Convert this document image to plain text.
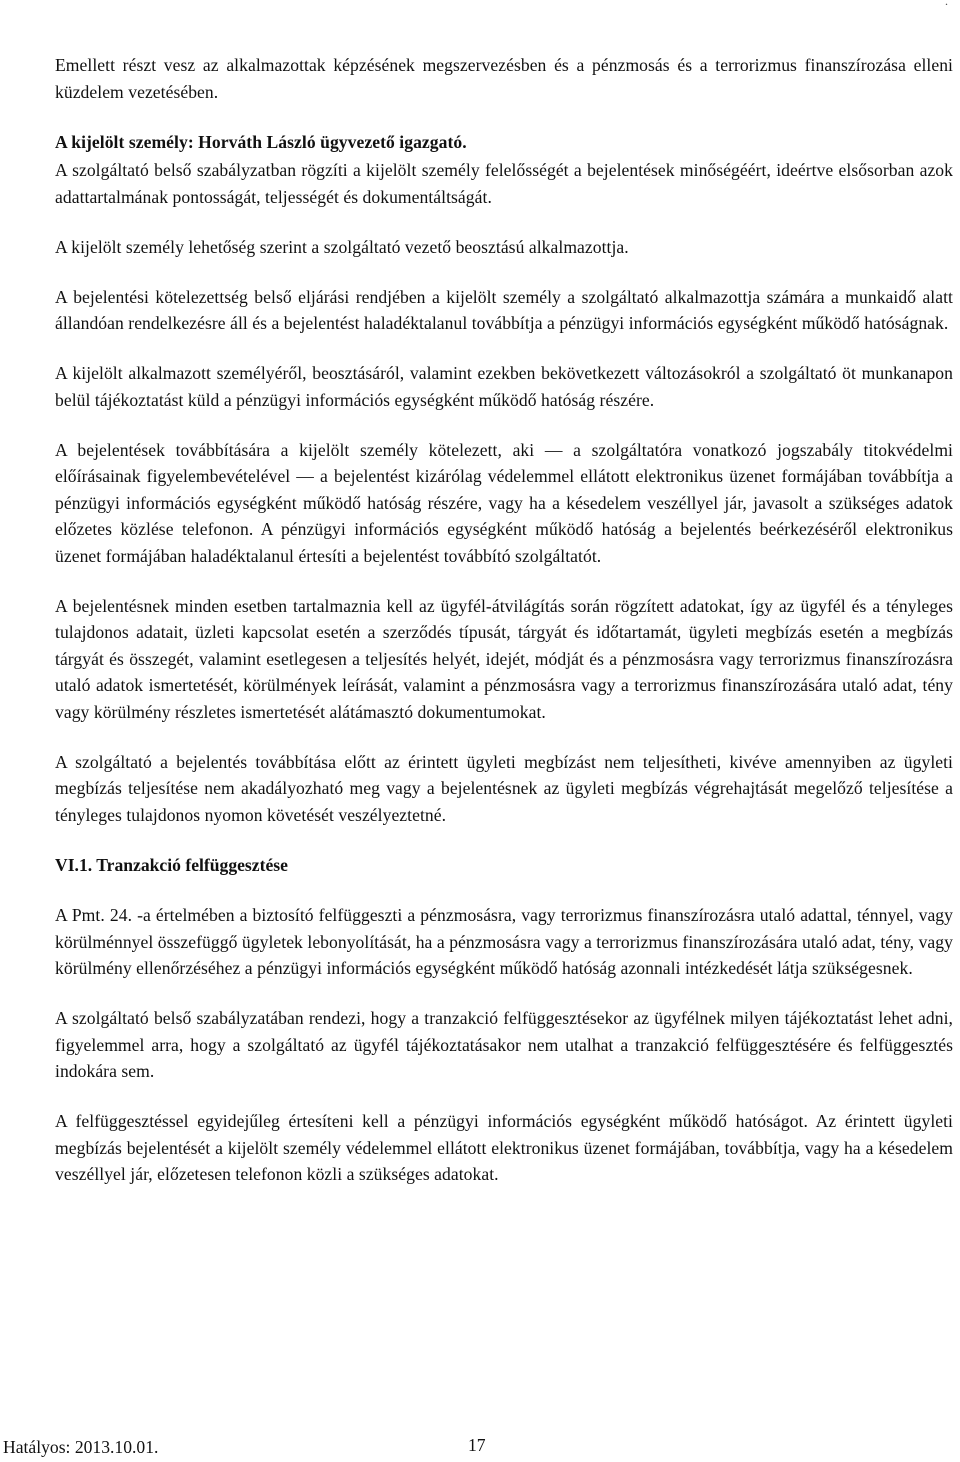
.

Emellett részt vesz az alkalmazottak képzésének megszervezésben és a pénzmosás és a terrorizmus finanszírozása elleni küzdelem vezetésében.

A kijelölt személy: Horváth László ügyvezető igazgató.

A szolgáltató belső szabályzatban rögzíti a kijelölt személy felelősségét a bejelentések minőségéért, ideértve elsősorban azok adattartalmának pontosságát, teljességét és dokumentáltságát.

A kijelölt személy lehetőség szerint a szolgáltató vezető beosztású alkalmazottja.

A bejelentési kötelezettség belső eljárási rendjében a kijelölt személy a szolgáltató alkalmazottja számára a munkaidő alatt állandóan rendelkezésre áll és a bejelentést haladéktalanul továbbítja a pénzügyi információs egységként működő hatóságnak.

A kijelölt alkalmazott személyéről, beosztásáról, valamint ezekben bekövetkezett változásokról a szolgáltató öt munkanapon belül tájékoztatást küld a pénzügyi információs egységként működő hatóság részére.

A bejelentések továbbítására a kijelölt személy kötelezett, aki — a szolgáltatóra vonatkozó jogszabály titokvédelmi előírásainak figyelembevételével — a bejelentést kizárólag védelemmel ellátott elektronikus üzenet formájában továbbítja a pénzügyi információs egységként működő hatóság részére, vagy ha a késedelem veszéllyel jár, javasolt a szükséges adatok előzetes közlése telefonon. A pénzügyi információs egységként működő hatóság a bejelentés beérkezéséről elektronikus üzenet formájában haladéktalanul értesíti a bejelentést továbbító szolgáltatót.

A bejelentésnek minden esetben tartalmaznia kell az ügyfél-átvilágítás során rögzített adatokat, így az ügyfél és a tényleges tulajdonos adatait, üzleti kapcsolat esetén a szerződés típusát, tárgyát és időtartamát, ügyleti megbízás esetén a megbízás tárgyát és összegét, valamint esetlegesen a teljesítés helyét, idejét, módját és a pénzmosásra vagy terrorizmus finanszírozásra utaló adatok ismertetését, körülmények leírását, valamint a pénzmosásra vagy a terrorizmus finanszírozására utaló adat, tény vagy körülmény részletes ismertetését alátámasztó dokumentumokat.

A szolgáltató a bejelentés továbbítása előtt az érintett ügyleti megbízást nem teljesítheti, kivéve amennyiben az ügyleti megbízás teljesítése nem akadályozható meg vagy a bejelentésnek az ügyleti megbízás végrehajtását megelőző teljesítése a tényleges tulajdonos nyomon követését veszélyeztetné.

VI.1. Tranzakció felfüggesztése

A Pmt. 24. -a értelmében a biztosító felfüggeszti a pénzmosásra, vagy terrorizmus finanszírozásra utaló adattal, ténnyel, vagy körülménnyel összefüggő ügyletek lebonyolítását, ha a pénzmosásra vagy a terrorizmus finanszírozására utaló adat, tény, vagy körülmény ellenőrzéséhez a pénzügyi információs egységként működő hatóság azonnali intézkedését látja szükségesnek.

A szolgáltató belső szabályzatában rendezi, hogy a tranzakció felfüggesztésekor az ügyfélnek milyen tájékoztatást lehet adni, figyelemmel arra, hogy a szolgáltató az ügyfél tájékoztatásakor nem utalhat a tranzakció felfüggesztésére és felfüggesztés indokára sem.

A felfüggesztéssel egyidejűleg értesíteni kell a pénzügyi információs egységként működő hatóságot. Az érintett ügyleti megbízás bejelentését a kijelölt személy védelemmel ellátott elektronikus üzenet formájában, továbbítja, vagy ha a késedelem veszéllyel jár, előzetesen telefonon közli a szükséges adatokat.

Hatályos: 2013.10.01.	17
